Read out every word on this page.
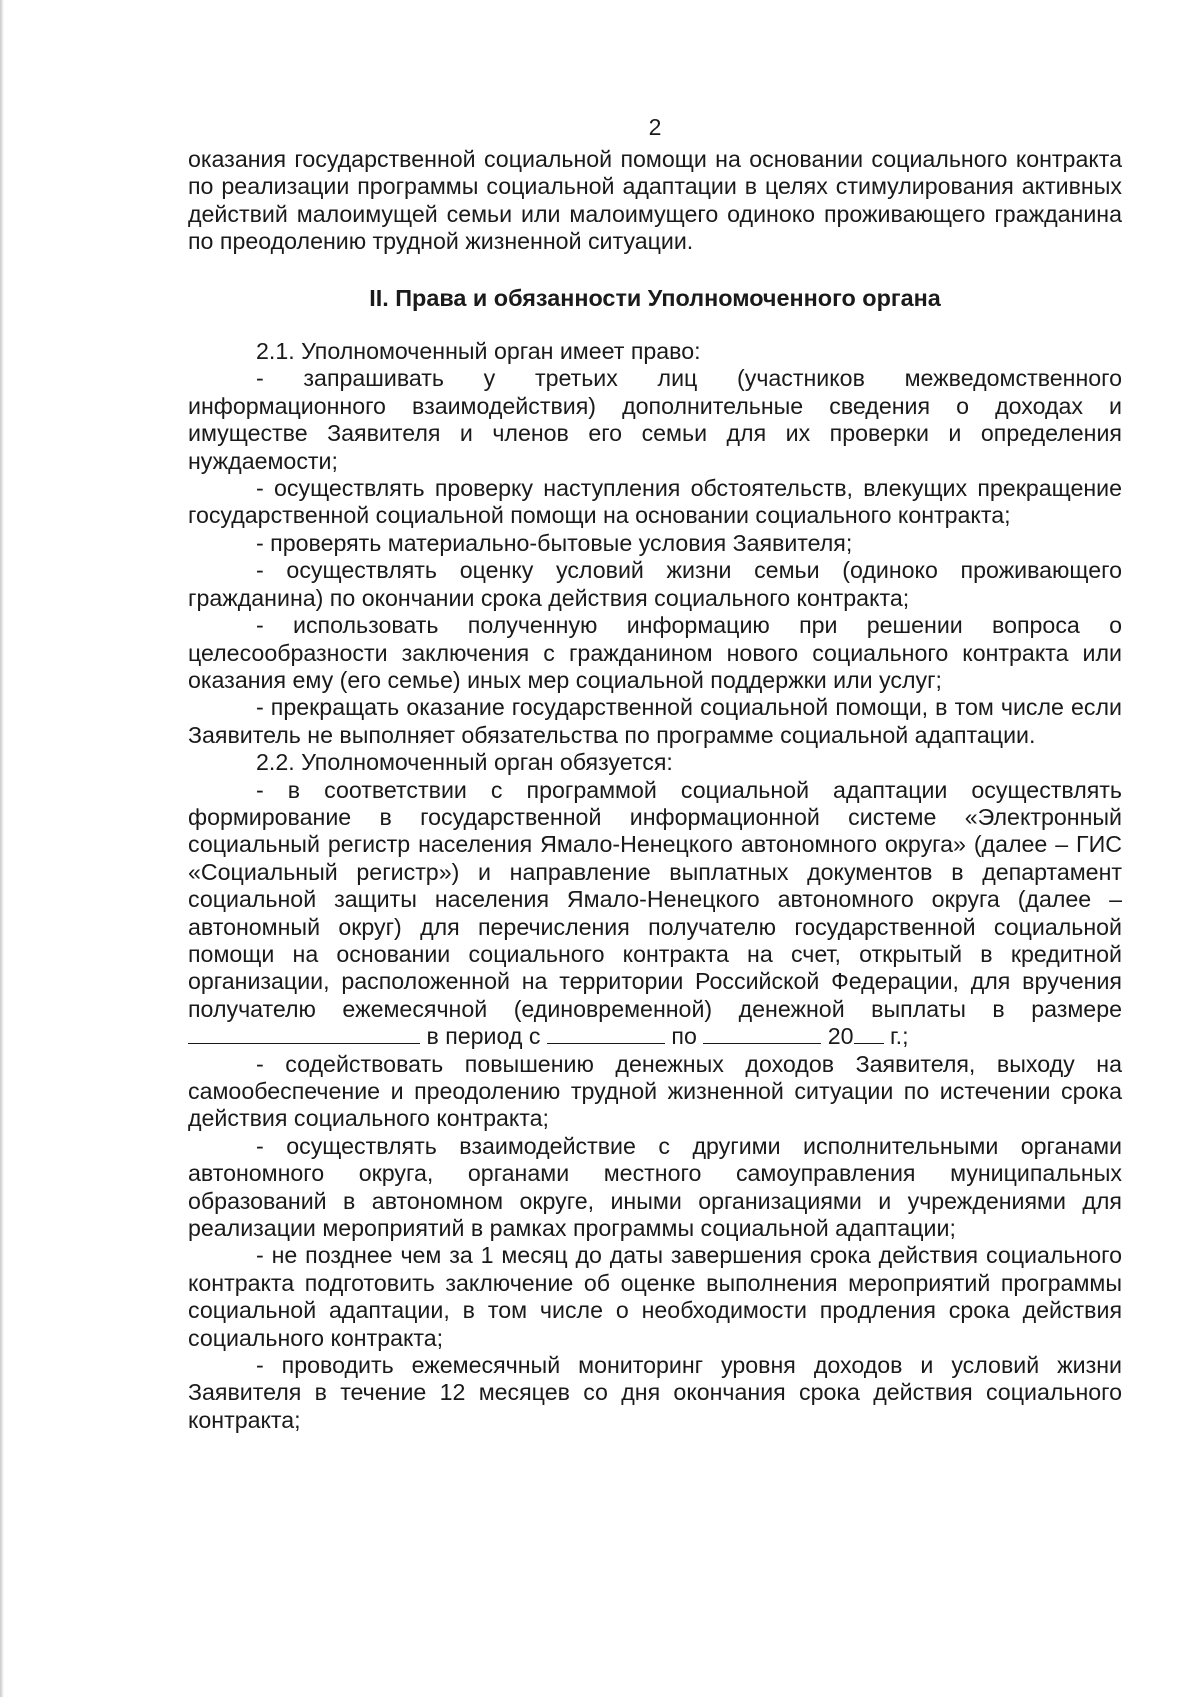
2

оказания государственной социальной помощи на основании социального контракта по реализации программы социальной адаптации в целях стимулирования активных действий малоимущей семьи или малоимущего одиноко проживающего гражданина по преодолению трудной жизненной ситуации.

II. Права и обязанности Уполномоченного органа

2.1. Уполномоченный орган имеет право:

- запрашивать у третьих лиц (участников межведомственного информационного взаимодействия) дополнительные сведения о доходах и имуществе Заявителя и членов его семьи для их проверки и определения нуждаемости;

- осуществлять проверку наступления обстоятельств, влекущих прекращение государственной социальной помощи на основании социального контракта;

- проверять материально-бытовые условия Заявителя;

- осуществлять оценку условий жизни семьи (одиноко проживающего гражданина) по окончании срока действия социального контракта;

- использовать полученную информацию при решении вопроса о целесообразности заключения с гражданином нового социального контракта или оказания ему (его семье) иных мер социальной поддержки или услуг;

- прекращать оказание государственной социальной помощи, в том числе если Заявитель не выполняет обязательства по программе социальной адаптации.

2.2. Уполномоченный орган обязуется:

- в соответствии с программой социальной адаптации осуществлять формирование в государственной информационной системе «Электронный социальный регистр населения Ямало-Ненецкого автономного округа» (далее – ГИС «Социальный регистр») и направление выплатных документов в департамент социальной защиты населения Ямало-Ненецкого автономного округа (далее – автономный округ) для перечисления получателю государственной социальной помощи на основании социального контракта на счет, открытый в кредитной организации, расположенной на территории Российской Федерации, для вручения получателю ежемесячной (единовременной) денежной выплаты в размере  в период с	по	20 г.;

- содействовать повышению денежных доходов Заявителя, выходу на самообеспечение и преодолению трудной жизненной ситуации по истечении срока действия социального контракта;

- осуществлять взаимодействие с другими исполнительными органами автономного округа, органами местного самоуправления муниципальных образований в автономном округе, иными организациями и учреждениями для реализации мероприятий в рамках программы социальной адаптации;

- не позднее чем за 1 месяц до даты завершения срока действия социального контракта подготовить заключение об оценке выполнения мероприятий программы социальной адаптации, в том числе о необходимости продления срока действия социального контракта;

- проводить ежемесячный мониторинг уровня доходов и условий жизни Заявителя в течение 12 месяцев со дня окончания срока действия социального контракта;
